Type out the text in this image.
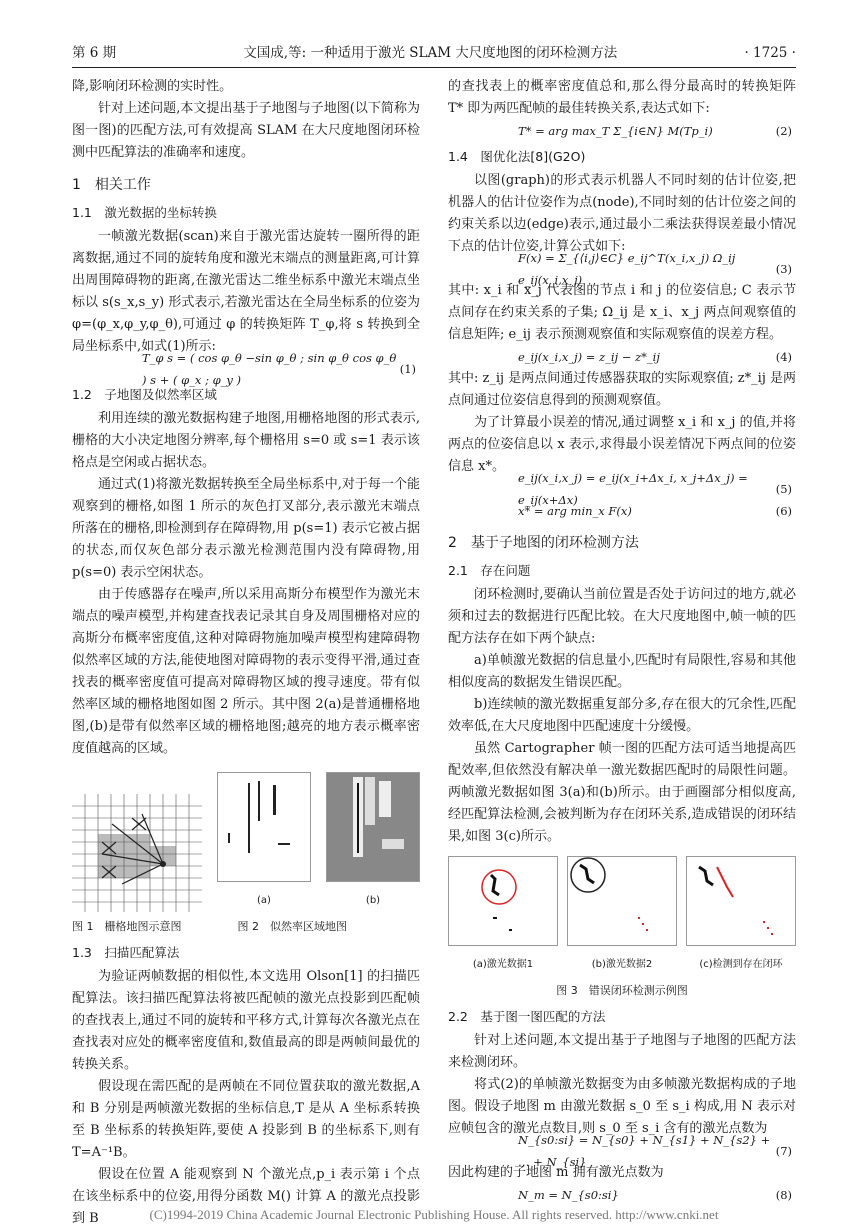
第 6 期	文国成,等: 一种适用于激光 SLAM 大尺度地图的闭环检测方法	· 1725 ·

降,影响闭环检测的实时性。

针对上述问题,本文提出基于子地图与子地图(以下简称为图一图)的匹配方法,可有效提高 SLAM 在大尺度地图闭环检测中匹配算法的准确率和速度。

1　相关工作
1.1　激光数据的坐标转换

一帧激光数据(scan)来自于激光雷达旋转一圈所得的距离数据,通过不同的旋转角度和激光末端点的测量距离,可计算出周围障碍物的距离,在激光雷达二维坐标系中激光末端点坐标以 s(s_x,s_y) 形式表示,若激光雷达在全局坐标系的位姿为 φ=(φ_x,φ_y,φ_θ),可通过 φ 的转换矩阵 T_φ,将 s 转换到全局坐标系中,如式(1)所示:

T_φ s = ( cos φ_θ −sin φ_θ ; sin φ_θ cos φ_θ ) s + ( φ_x ; φ_y )
(1)
1.2　子地图及似然率区域

利用连续的激光数据构建子地图,用栅格地图的形式表示,栅格的大小决定地图分辨率,每个栅格用 s=0 或 s=1 表示该格点是空闲或占据状态。

通过式(1)将激光数据转换至全局坐标系中,对于每一个能观察到的栅格,如图 1 所示的灰色打叉部分,表示激光末端点所落在的栅格,即检测到存在障碍物,用 p(s=1) 表示它被占据的状态,而仅灰色部分表示激光检测范围内没有障碍物,用 p(s=0) 表示空闲状态。

由于传感器存在噪声,所以采用高斯分布模型作为激光末端点的噪声模型,并构建查找表记录其自身及周围栅格对应的高斯分布概率密度值,这种对障碍物施加噪声模型构建障碍物似然率区域的方法,能使地图对障碍物的表示变得平滑,通过查找表的概率密度值可提高对障碍物区域的搜寻速度。带有似然率区域的栅格地图如图 2 所示。其中图 2(a)是普通栅格地图,(b)是带有似然率区域的栅格地图;越亮的地方表示概率密度值越高的区域。

(a)	(b)
图 1　栅格地图示意图	图 2　似然率区域地图
1.3　扫描匹配算法

为验证两帧数据的相似性,本文选用 Olson[1] 的扫描匹配算法。该扫描匹配算法将被匹配帧的激光点投影到匹配帧的查找表上,通过不同的旋转和平移方式,计算每次各激光点在查找表对应处的概率密度值和,数值最高的即是两帧间最优的转换关系。

假设现在需匹配的是两帧在不同位置获取的激光数据,A 和 B 分别是两帧激光数据的坐标信息,T 是从 A 坐标系转换至 B 坐标系的转换矩阵,要使 A 投影到 B 的坐标系下,则有 T=A⁻¹B。

假设在位置 A 能观察到 N 个激光点,p_i 表示第 i 个点在该坐标系中的位姿,用得分函数 M() 计算 A 的激光点投影到 B

的查找表上的概率密度值总和,那么得分最高时的转换矩阵 T* 即为两匹配帧的最佳转换关系,表达式如下:

T* = arg max_T Σ_{i∈N} M(Tp_i)	(2)
1.4　图优化法[8](G2O)

以图(graph)的形式表示机器人不同时刻的估计位姿,把机器人的估计位姿作为点(node),不同时刻的估计位姿之间的约束关系以边(edge)表示,通过最小二乘法获得误差最小情况下点的估计位姿,计算公式如下:

F(x) = Σ_{⟨i,j⟩∈C} e_ij^T(x_i,x_j) Ω_ij e_ij(x_i,x_j)
(3)

其中: x_i 和 x_j 代表图的节点 i 和 j 的位姿信息; C 表示节点间存在约束关系的子集; Ω_ij 是 x_i、x_j 两点间观察值的信息矩阵; e_ij 表示预测观察值和实际观察值的误差方程。

e_ij(x_i,x_j) = z_ij − z*_ij	(4)

其中: z_ij 是两点间通过传感器获取的实际观察值; z*_ij 是两点间通过位姿信息得到的预测观察值。

为了计算最小误差的情况,通过调整 x_i 和 x_j 的值,并将两点的位姿信息以 x 表示,求得最小误差情况下两点间的位姿信息 x*。

e_ij(x_i,x_j) = e_ij(x_i+Δx_i, x_j+Δx_j) = e_ij(x+Δx)
(5)
x* = arg min_x F(x)	(6)
2　基于子地图的闭环检测方法
2.1　存在问题

闭环检测时,要确认当前位置是否处于访问过的地方,就必须和过去的数据进行匹配比较。在大尺度地图中,帧一帧的匹配方法存在如下两个缺点:

a)单帧激光数据的信息量小,匹配时有局限性,容易和其他相似度高的数据发生错误匹配。

b)连续帧的激光数据重复部分多,存在很大的冗余性,匹配效率低,在大尺度地图中匹配速度十分缓慢。

虽然 Cartographer 帧一图的匹配方法可适当地提高匹配效率,但依然没有解决单一激光数据匹配时的局限性问题。两帧激光数据如图 3(a)和(b)所示。由于画圈部分相似度高,经匹配算法检测,会被判断为存在闭环关系,造成错误的闭环结果,如图 3(c)所示。

(a)激光数据1	(b)激光数据2	(c)检测到存在闭环
图 3　错误闭环检测示例图
2.2　基于图一图匹配的方法

针对上述问题,本文提出基于子地图与子地图的匹配方法来检测闭环。

将式(2)的单帧激光数据变为由多帧激光数据构成的子地图。假设子地图 m 由激光数据 s_0 至 s_i 构成,用 N 表示对应帧包含的激光点数目,则 s_0 至 s_i 含有的激光点数为

N_{s0:si} = N_{s0} + N_{s1} + N_{s2} + … + N_{si}
(7)

因此构建的子地图 m 拥有激光点数为

N_m = N_{s0:si}	(8)
(C)1994-2019 China Academic Journal Electronic Publishing House. All rights reserved. http://www.cnki.net
